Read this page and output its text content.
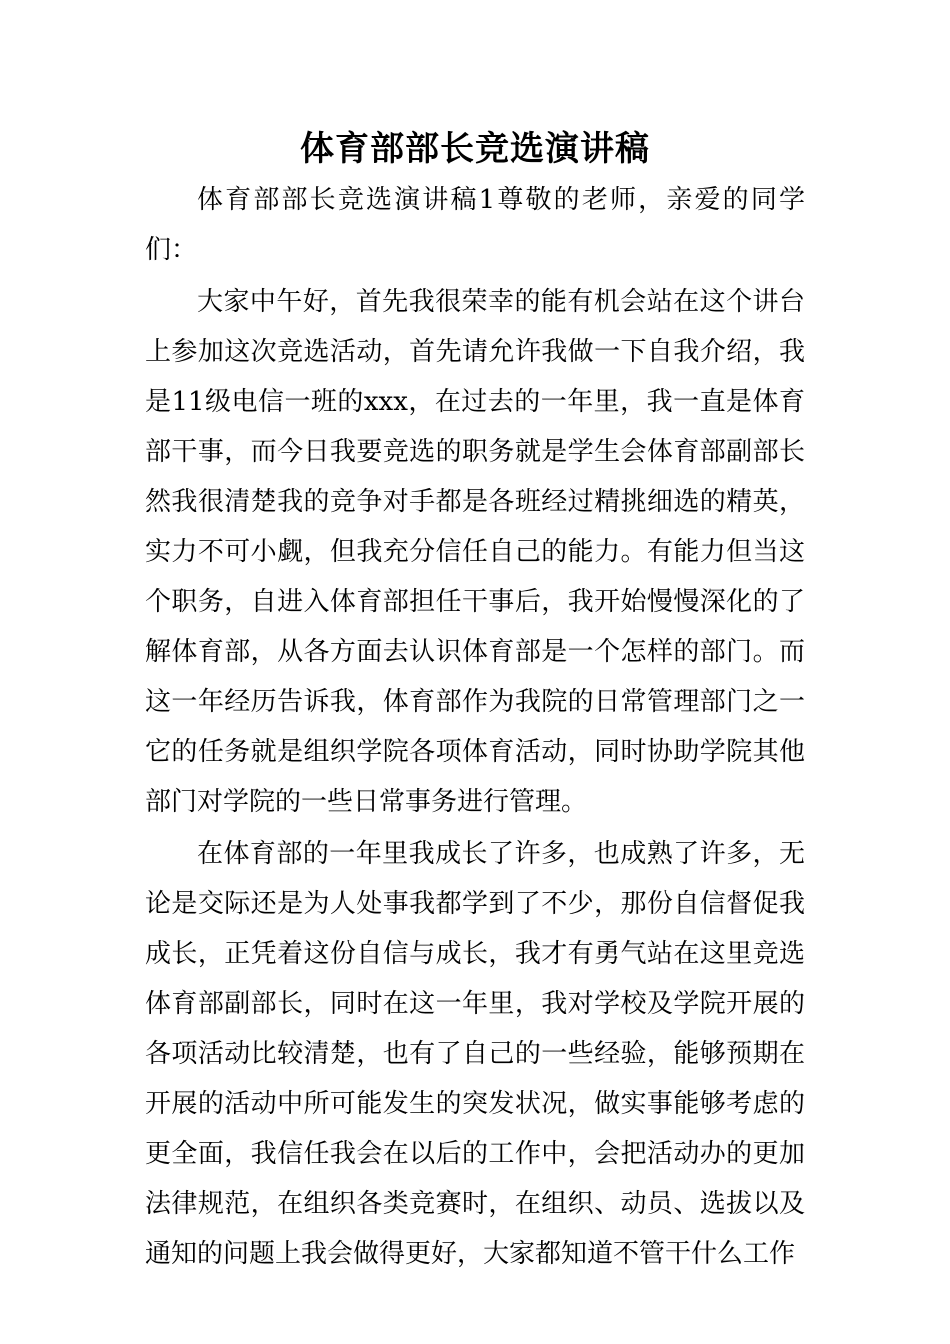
体育部部长竞选演讲稿

体育部部长竞选演讲稿1尊敬的老师，亲爱的同学们：

大家中午好，首先我很荣幸的能有机会站在这个讲台上参加这次竞选活动，首先请允许我做一下自我介绍，我是11级电信一班的xxx，在过去的一年里，我一直是体育部干事，而今日我要竞选的职务就是学生会体育部副部长然我很清楚我的竞争对手都是各班经过精挑细选的精英，实力不可小觑，但我充分信任自己的能力。有能力但当这个职务，自进入体育部担任干事后，我开始慢慢深化的了解体育部，从各方面去认识体育部是一个怎样的部门。而这一年经历告诉我，体育部作为我院的日常管理部门之一它的任务就是组织学院各项体育活动，同时协助学院其他部门对学院的一些日常事务进行管理。

在体育部的一年里我成长了许多，也成熟了许多，无论是交际还是为人处事我都学到了不少，那份自信督促我成长，正凭着这份自信与成长，我才有勇气站在这里竞选体育部副部长，同时在这一年里，我对学校及学院开展的各项活动比较清楚，也有了自己的一些经验，能够预期在开展的活动中所可能发生的突发状况，做实事能够考虑的更全面，我信任我会在以后的工作中，会把活动办的更加法律规范，在组织各类竞赛时，在组织、动员、选拔以及通知的问题上我会做得更好，大家都知道不管干什么工作
